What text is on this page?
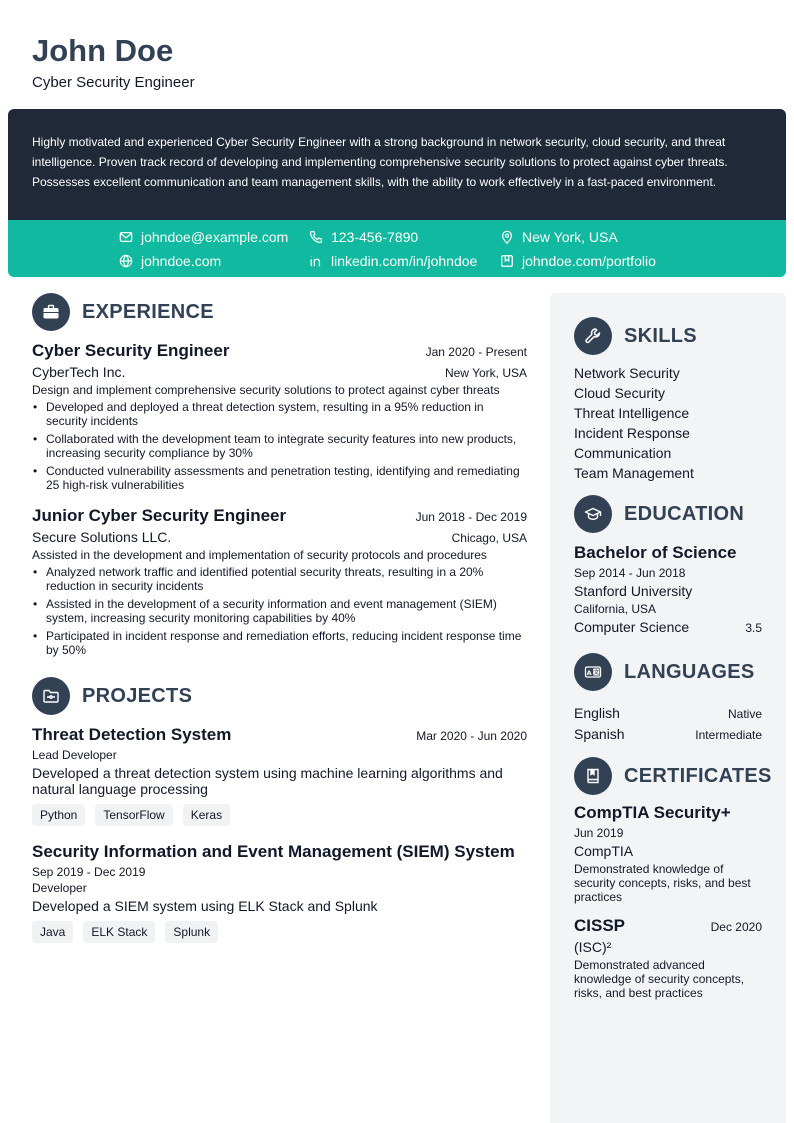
John Doe
Cyber Security Engineer
Highly motivated and experienced Cyber Security Engineer with a strong background in network security, cloud security, and threat intelligence. Proven track record of developing and implementing comprehensive security solutions to protect against cyber threats. Possesses excellent communication and team management skills, with the ability to work effectively in a fast-paced environment.
johndoe@example.com	123-456-7890	New York, USA
johndoe.com	linkedin.com/in/johndoe	johndoe.com/portfolio
EXPERIENCE
Cyber Security Engineer	Jan 2020 - Present
CyberTech Inc.	New York, USA
Design and implement comprehensive security solutions to protect against cyber threats
• Developed and deployed a threat detection system, resulting in a 95% reduction in security incidents
• Collaborated with the development team to integrate security features into new products, increasing security compliance by 30%
• Conducted vulnerability assessments and penetration testing, identifying and remediating 25 high-risk vulnerabilities
Junior Cyber Security Engineer	Jun 2018 - Dec 2019
Secure Solutions LLC.	Chicago, USA
Assisted in the development and implementation of security protocols and procedures
• Analyzed network traffic and identified potential security threats, resulting in a 20% reduction in security incidents
• Assisted in the development of a security information and event management (SIEM) system, increasing security monitoring capabilities by 40%
• Participated in incident response and remediation efforts, reducing incident response time by 50%
PROJECTS
Threat Detection System	Mar 2020 - Jun 2020
Lead Developer
Developed a threat detection system using machine learning algorithms and natural language processing
Python	TensorFlow	Keras
Security Information and Event Management (SIEM) System
Sep 2019 - Dec 2019
Developer
Developed a SIEM system using ELK Stack and Splunk
Java	ELK Stack	Splunk
SKILLS
Network Security
Cloud Security
Threat Intelligence
Incident Response
Communication
Team Management
EDUCATION
Bachelor of Science
Sep 2014 - Jun 2018
Stanford University
California, USA
Computer Science	3.5
A 文 LANGUAGES
English	Native
Spanish	Intermediate
CERTIFICATES
CompTIA Security+
Jun 2019
CompTIA
Demonstrated knowledge of security concepts, risks, and best practices
CISSP	Dec 2020
(ISC)²
Demonstrated advanced knowledge of security concepts, risks, and best practices
